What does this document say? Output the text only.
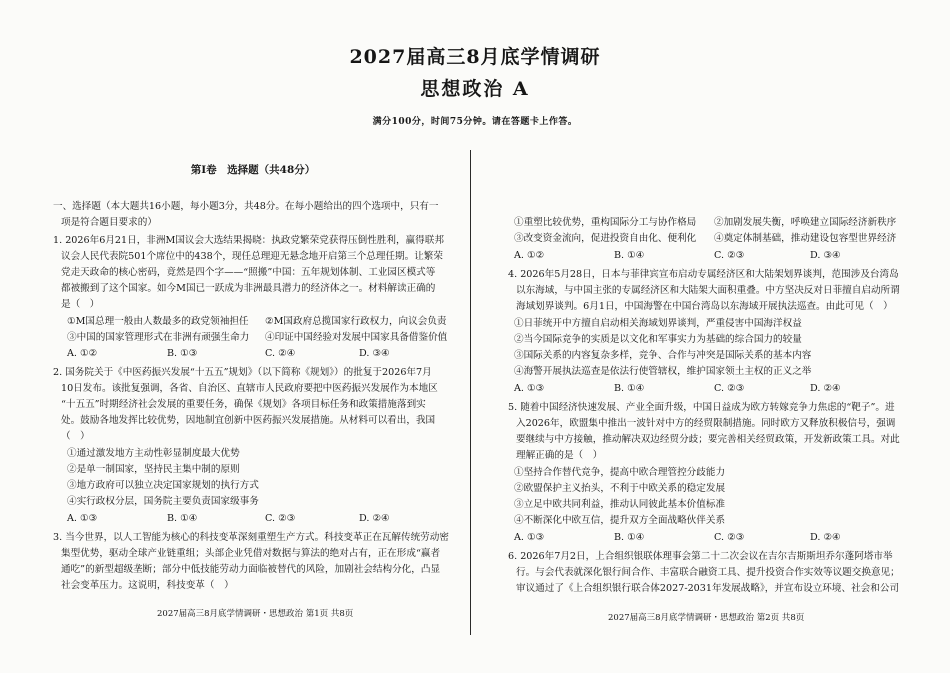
2027届高三8月底学情调研
思想政治 A
满分100分，时间75分钟。请在答题卡上作答。
第Ⅰ卷　选择题（共48分）
一、选择题（本大题共16小题，每小题3分，共48分。在每小题给出的四个选项中，只有一
项是符合题目要求的）
1. 2026年6月21日，非洲M国议会大选结果揭晓：执政党繁荣党获得压倒性胜利，赢得联邦
议会人民代表院501个席位中的438个，现任总理迎无悬念地开启第三个总理任期。让繁荣
党走天政命的核心密码，竟然是四个字——“照搬”中国：五年规划体制、工业园区模式等
都被搬到了这个国家。如今M国已一跃成为非洲最具潜力的经济体之一。材料解读正确的
是（　）
①M国总理一般由人数最多的政党领袖担任 ②M国政府总揽国家行政权力，向议会负责
③中国的国家管理形式在非洲有顽强生命力 ④印证中国经验对发展中国家具备借鉴价值
A. ①②	B. ①③	C. ②④	D. ③④
2. 国务院关于《中医药振兴发展“十五五”规划》（以下简称《规划》）的批复于2026年7月
10日发布。该批复强调，各省、自治区、直辖市人民政府要把中医药振兴发展作为本地区
“十五五”时期经济社会发展的重要任务，确保《规划》各项目标任务和政策措施落到实
处。鼓励各地发挥比较优势，因地制宜创新中医药振兴发展措施。从材料可以看出，我国
（　）
①通过激发地方主动性彰显制度最大优势
②是单一制国家，坚持民主集中制的原则
③地方政府可以独立决定国家规划的执行方式
④实行政权分层，国务院主要负责国家级事务
A. ①③	B. ①④	C. ②③	D. ②④
3. 当今世界，以人工智能为核心的科技变革深刻重塑生产方式。科技变革正在瓦解传统劳动密
集型优势，驱动全球产业链重组；头部企业凭借对数据与算法的绝对占有，正在形成“赢者
通吃”的新型超级垄断；部分中低技能劳动力面临被替代的风险，加剧社会结构分化，凸显
社会变革压力。这说明，科技变革（　）
2027届高三8月底学情调研・思想政治 第1页 共8页
①重塑比较优势，重构国际分工与协作格局 ②加剧发展失衡，呼唤建立国际经济新秩序
③改变资金流向，促进投资自由化、便利化 ④奠定体制基础，推动建设包容型世界经济
A. ①②	B. ①④	C. ②③	D. ③④
4. 2026年5月28日，日本与菲律宾宣布启动专属经济区和大陆架划界谈判，范围涉及台湾岛
以东海域，与中国主张的专属经济区和大陆架大面积重叠。中方坚决反对日菲擅自启动所谓
海域划界谈判。6月1日，中国海警在中国台湾岛以东海域开展执法巡查。由此可见（　）
①日菲统开中方擅自启动相关海域划界谈判，严重侵害中国海洋权益
②当今国际竞争的实质是以文化和军事实力为基础的综合国力的较量
③国际关系的内容复杂多样，竞争、合作与冲突是国际关系的基本内容
④海警开展执法巡查是依法行使管辖权，维护国家领土主权的正义之举
A. ①③	B. ①④	C. ②③	D. ②④
5. 随着中国经济快速发展、产业全面升级，中国日益成为欧方转嫁竞争力焦虑的“靶子”。进
入2026年，欧盟集中推出一波针对中方的经贸限制措施。同时欧方又释放积极信号，强调
要继续与中方接触，推动解决双边经贸分歧；要完善相关经贸政策，开发新政策工具。对此
理解正确的是（　）
①坚持合作替代竞争，提高中欧合理管控分歧能力
②欧盟保护主义抬头，不利于中欧关系的稳定发展
③立足中欧共同利益，推动认同彼此基本价值标准
④不断深化中欧互信，提升双方全面战略伙伴关系
A. ①③	B. ①④	C. ②③	D. ②④
6. 2026年7月2日，上合组织银联体理事会第二十二次会议在吉尔吉斯斯坦乔尔蓬阿塔市举
行。与会代表就深化银行间合作、丰富联合融资工具、提升投资合作实效等议题交换意见；
审议通过了《上合组织银行联合体2027-2031年发展战略》，并宣布设立环境、社会和公司
2027届高三8月底学情调研・思想政治 第2页 共8页
